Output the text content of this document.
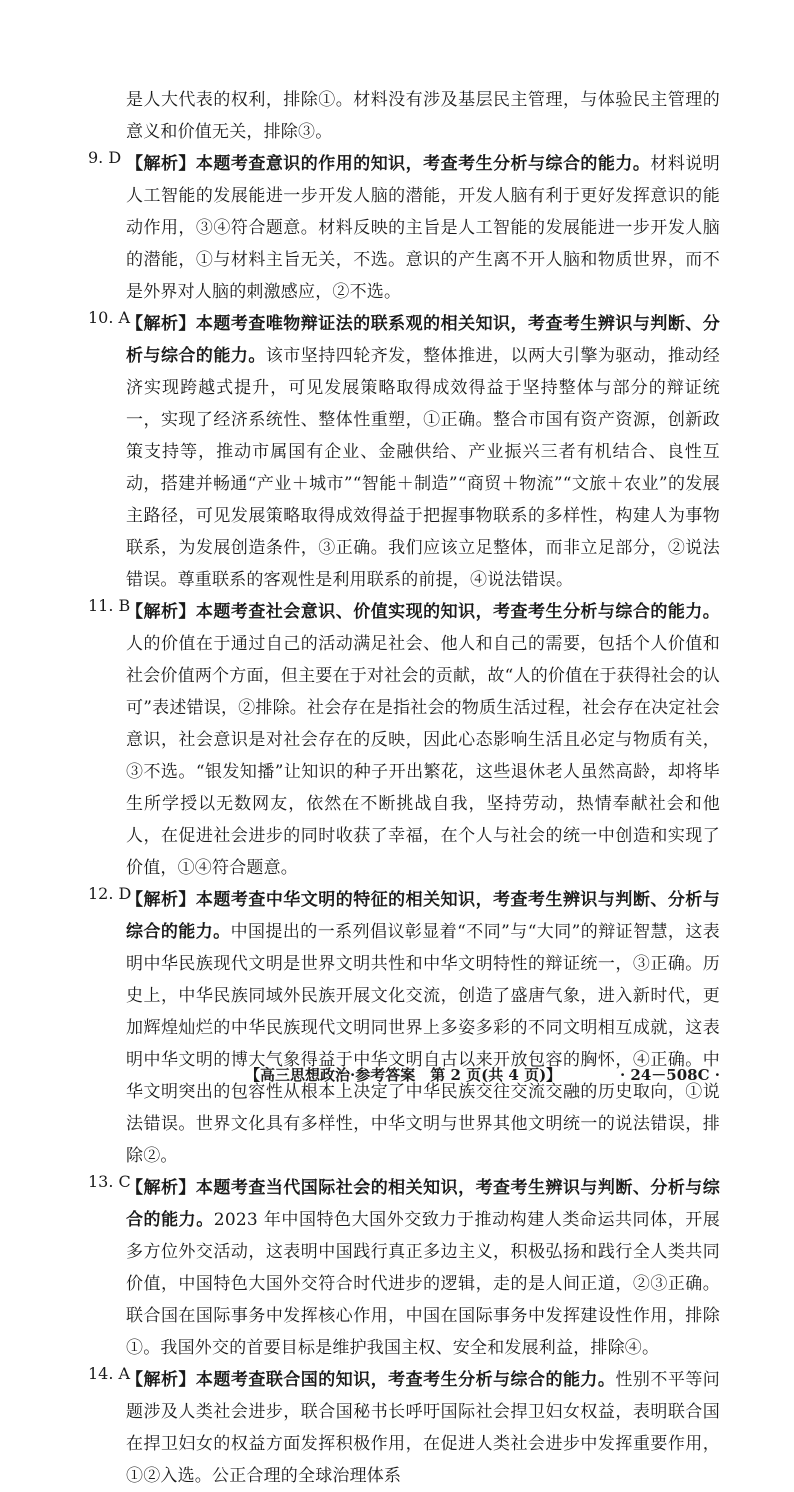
是人大代表的权利，排除①。材料没有涉及基层民主管理，与体验民主管理的意义和价值无关，排除③。

9. D 【解析】本题考查意识的作用的知识，考查考生分析与综合的能力。材料说明人工智能的发展能进一步开发人脑的潜能，开发人脑有利于更好发挥意识的能动作用，③④符合题意。材料反映的主旨是人工智能的发展能进一步开发人脑的潜能，①与材料主旨无关，不选。意识的产生离不开人脑和物质世界，而不是外界对人脑的刺激感应，②不选。

10. A

【解析】本题考查唯物辩证法的联系观的相关知识，考查考生辨识与判断、分析与综合的能力。该市坚持四轮齐发，整体推进，以两大引擎为驱动，推动经济实现跨越式提升，可见发展策略取得成效得益于坚持整体与部分的辩证统一，实现了经济系统性、整体性重塑，①正确。整合市国有资产资源，创新政策支持等，推动市属国有企业、金融供给、产业振兴三者有机结合、良性互动，搭建并畅通“产业＋城市”“智能＋制造”“商贸＋物流”“文旅＋农业”的发展主路径，可见发展策略取得成效得益于把握事物联系的多样性，构建人为事物联系，为发展创造条件，③正确。我们应该立足整体，而非立足部分，②说法错误。尊重联系的客观性是利用联系的前提，④说法错误。

11. B

【解析】本题考查社会意识、价值实现的知识，考查考生分析与综合的能力。人的价值在于通过自己的活动满足社会、他人和自己的需要，包括个人价值和社会价值两个方面，但主要在于对社会的贡献，故“人的价值在于获得社会的认可”表述错误，②排除。社会存在是指社会的物质生活过程，社会存在决定社会意识，社会意识是对社会存在的反映，因此心态影响生活且必定与物质有关，③不选。“银发知播”让知识的种子开出繁花，这些退休老人虽然高龄，却将毕生所学授以无数网友，依然在不断挑战自我，坚持劳动，热情奉献社会和他人，在促进社会进步的同时收获了幸福，在个人与社会的统一中创造和实现了价值，①④符合题意。

12. D

【解析】本题考查中华文明的特征的相关知识，考查考生辨识与判断、分析与综合的能力。中国提出的一系列倡议彰显着“不同”与“大同”的辩证智慧，这表明中华民族现代文明是世界文明共性和中华文明特性的辩证统一，③正确。历史上，中华民族同域外民族开展文化交流，创造了盛唐气象，进入新时代，更加辉煌灿烂的中华民族现代文明同世界上多姿多彩的不同文明相互成就，这表明中华文明的博大气象得益于中华文明自古以来开放包容的胸怀，④正确。中华文明突出的包容性从根本上决定了中华民族交往交流交融的历史取向，①说法错误。世界文化具有多样性，中华文明与世界其他文明统一的说法错误，排除②。

13. C

【解析】本题考查当代国际社会的相关知识，考查考生辨识与判断、分析与综合的能力。2023 年中国特色大国外交致力于推动构建人类命运共同体，开展多方位外交活动，这表明中国践行真正多边主义，积极弘扬和践行全人类共同价值，中国特色大国外交符合时代进步的逻辑，走的是人间正道，②③正确。联合国在国际事务中发挥核心作用，中国在国际事务中发挥建设性作用，排除①。我国外交的首要目标是维护我国主权、安全和发展利益，排除④。

14. A

【解析】本题考查联合国的知识，考查考生分析与综合的能力。性别不平等问题涉及人类社会进步，联合国秘书长呼吁国际社会捍卫妇女权益，表明联合国在捍卫妇女的权益方面发挥积极作用，在促进人类社会进步中发挥重要作用，①②入选。公正合理的全球治理体系

【高三思想政治·参考答案　第 2 页(共 4 页)】	· 24－508C ·
